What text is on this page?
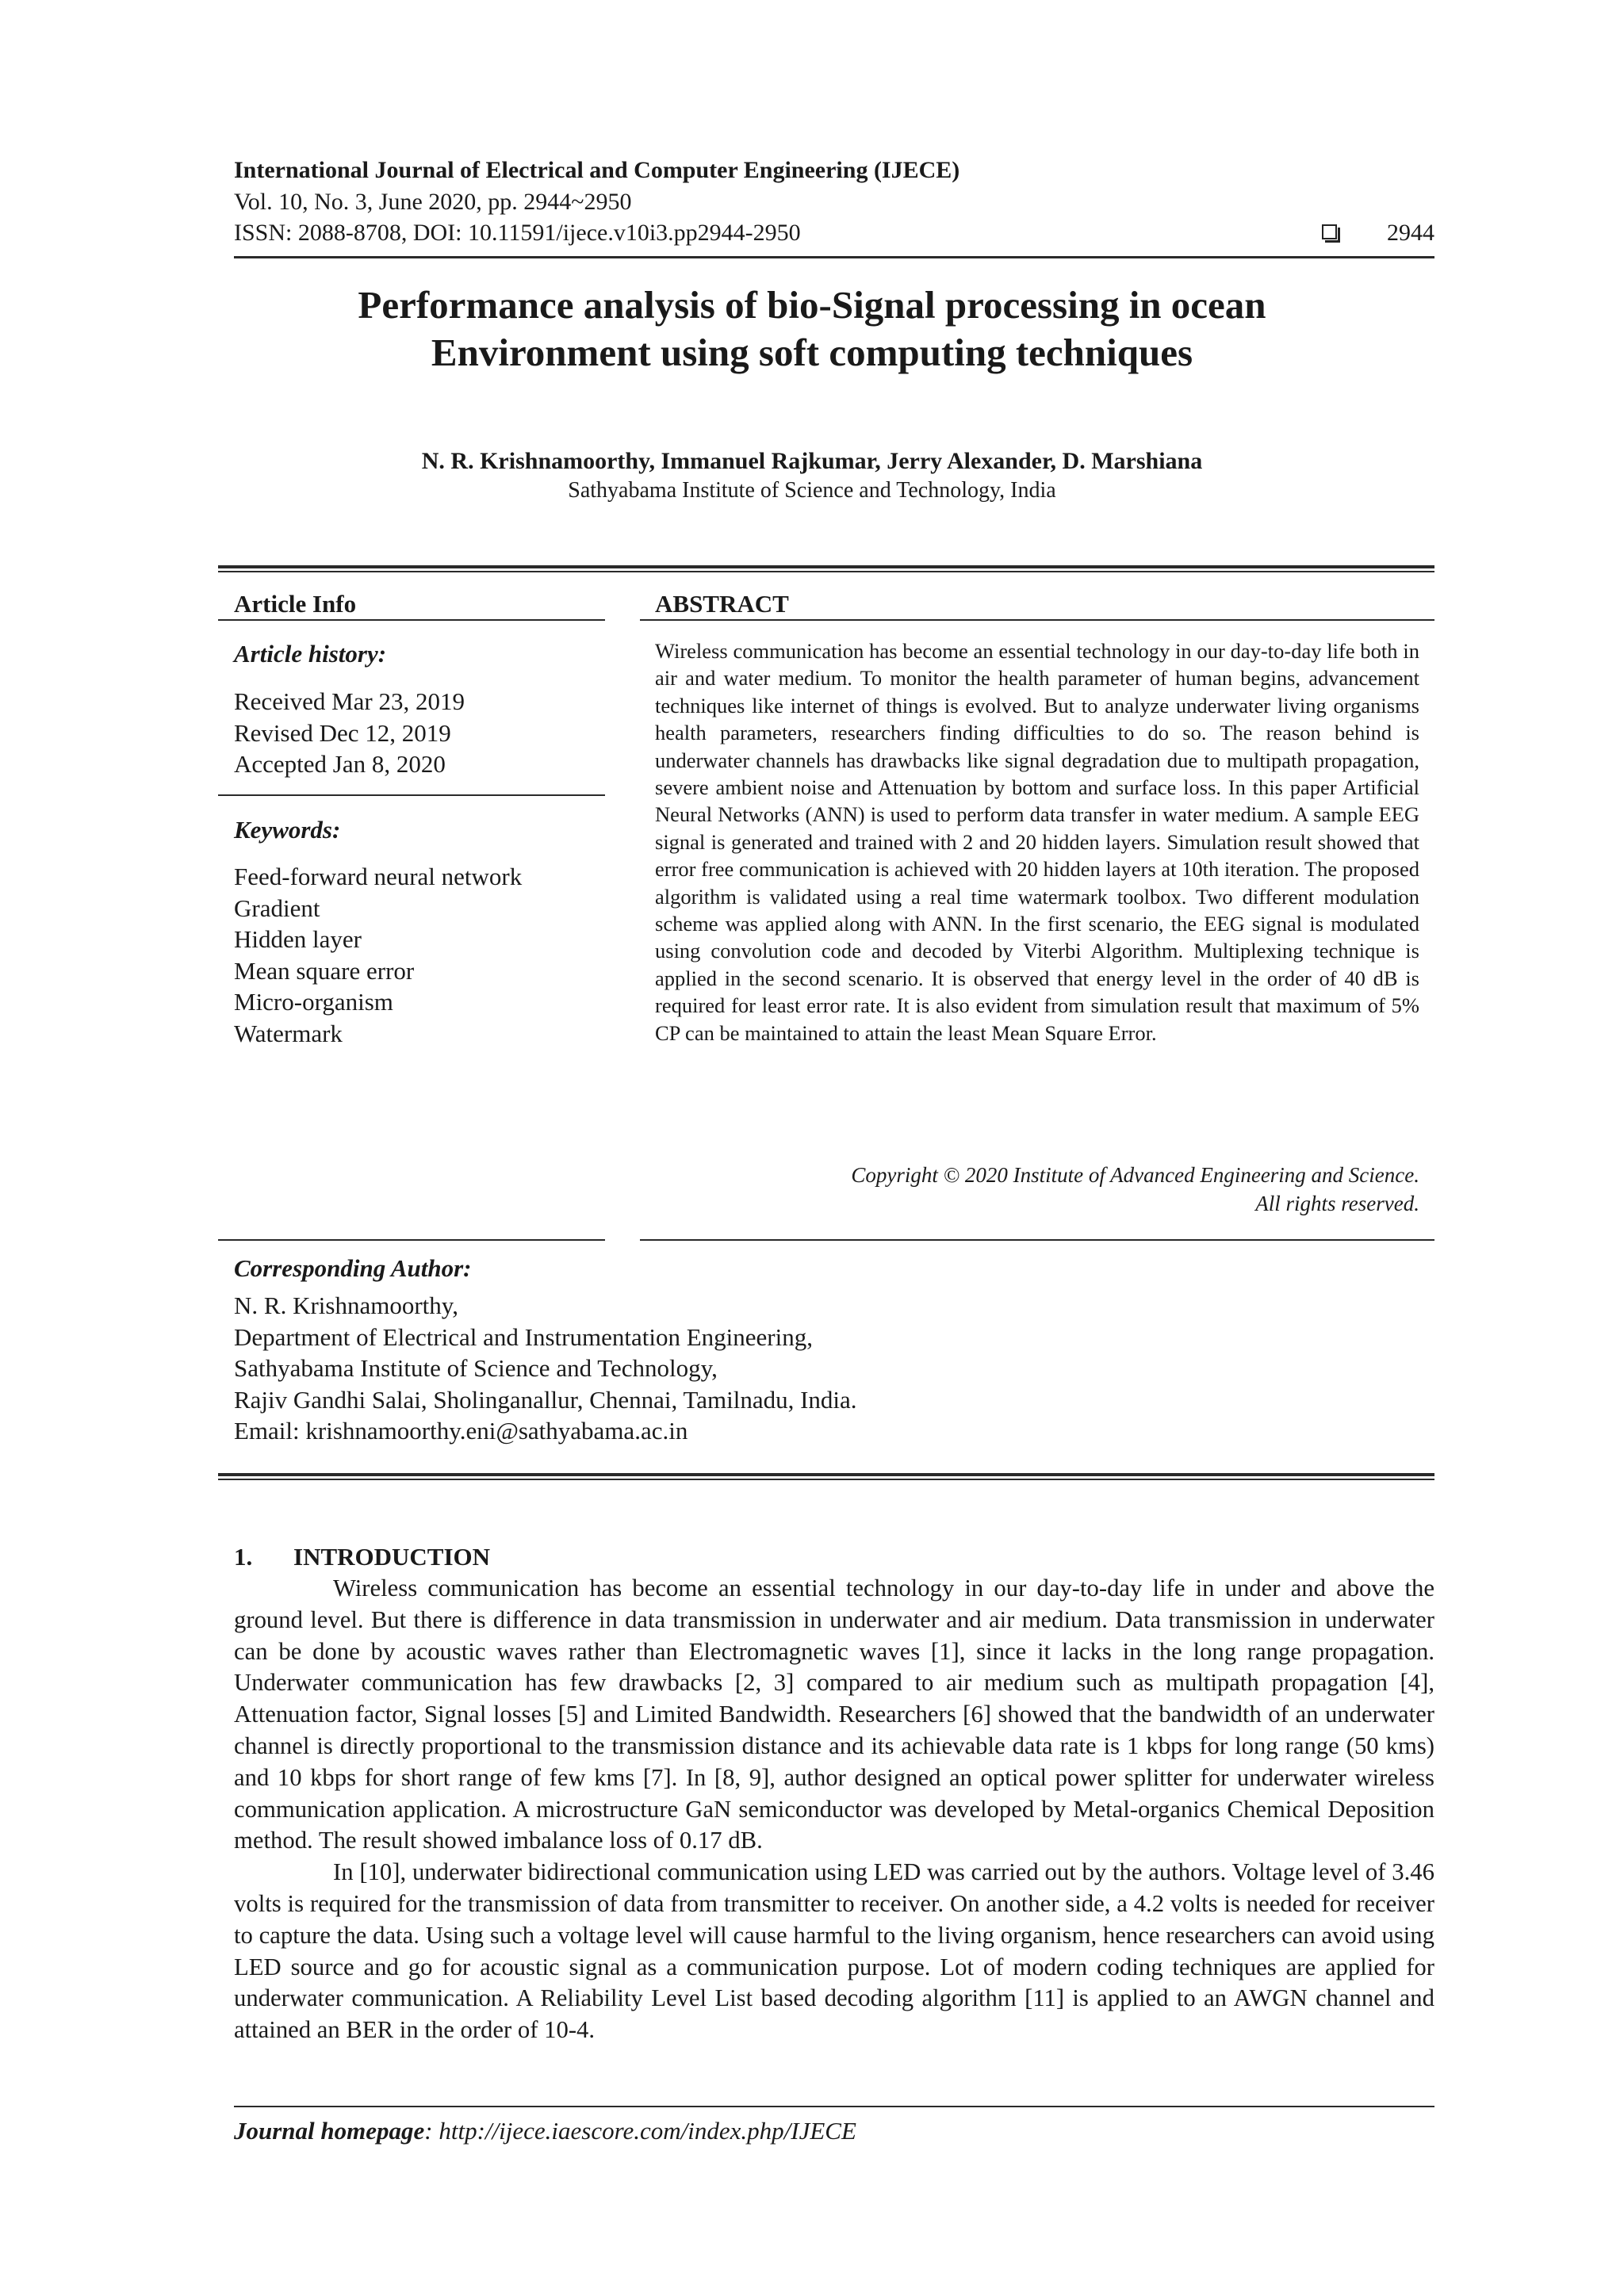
International Journal of Electrical and Computer Engineering (IJECE)
Vol. 10, No. 3, June 2020, pp. 2944~2950
ISSN: 2088-8708, DOI: 10.11591/ijece.v10i3.pp2944-2950	2944
Performance analysis of bio-Signal processing in ocean
Environment using soft computing techniques
N. R. Krishnamoorthy, Immanuel Rajkumar, Jerry Alexander, D. Marshiana
Sathyabama Institute of Science and Technology, India
Article Info
Article history:
Received Mar 23, 2019
Revised Dec 12, 2019
Accepted Jan 8, 2020
Keywords:
Feed-forward neural network
Gradient
Hidden layer
Mean square error
Micro-organism
Watermark
ABSTRACT

Wireless communication has become an essential technology in our day-to-day life both in air and water medium. To monitor the health parameter of human begins, advancement techniques like internet of things is evolved. But to analyze underwater living organisms health parameters, researchers finding difficulties to do so. The reason behind is underwater channels has drawbacks like signal degradation due to multipath propagation, severe ambient noise and Attenuation by bottom and surface loss. In this paper Artificial Neural Networks (ANN) is used to perform data transfer in water medium. A sample EEG signal is generated and trained with 2 and 20 hidden layers. Simulation result showed that error free communication is achieved with 20 hidden layers at 10th iteration. The proposed algorithm is validated using a real time watermark toolbox. Two different modulation scheme was applied along with ANN. In the first scenario, the EEG signal is modulated using convolution code and decoded by Viterbi Algorithm. Multiplexing technique is applied in the second scenario. It is observed that energy level in the order of 40 dB is required for least error rate. It is also evident from simulation result that maximum of 5% CP can be maintained to attain the least Mean Square Error.

Copyright © 2020 Institute of Advanced Engineering and Science.
All rights reserved.
Corresponding Author:
N. R. Krishnamoorthy,
Department of Electrical and Instrumentation Engineering,
Sathyabama Institute of Science and Technology,
Rajiv Gandhi Salai, Sholinganallur, Chennai, Tamilnadu, India.
Email: krishnamoorthy.eni@sathyabama.ac.in
1. INTRODUCTION

Wireless communication has become an essential technology in our day-to-day life in under and above the ground level. But there is difference in data transmission in underwater and air medium. Data transmission in underwater can be done by acoustic waves rather than Electromagnetic waves [1], since it lacks in the long range propagation. Underwater communication has few drawbacks [2, 3] compared to air medium such as multipath propagation [4], Attenuation factor, Signal losses [5] and Limited Bandwidth. Researchers [6] showed that the bandwidth of an underwater channel is directly proportional to the transmission distance and its achievable data rate is 1 kbps for long range (50 kms) and 10 kbps for short range of few kms [7]. In [8, 9], author designed an optical power splitter for underwater wireless communication application. A microstructure GaN semiconductor was developed by Metal-organics Chemical Deposition method. The result showed imbalance loss of 0.17 dB.

In [10], underwater bidirectional communication using LED was carried out by the authors. Voltage level of 3.46 volts is required for the transmission of data from transmitter to receiver. On another side, a 4.2 volts is needed for receiver to capture the data. Using such a voltage level will cause harmful to the living organism, hence researchers can avoid using LED source and go for acoustic signal as a communication purpose. Lot of modern coding techniques are applied for underwater communication. A Reliability Level List based decoding algorithm [11] is applied to an AWGN channel and attained an BER in the order of 10-4.

Journal homepage: http://ijece.iaescore.com/index.php/IJECE
